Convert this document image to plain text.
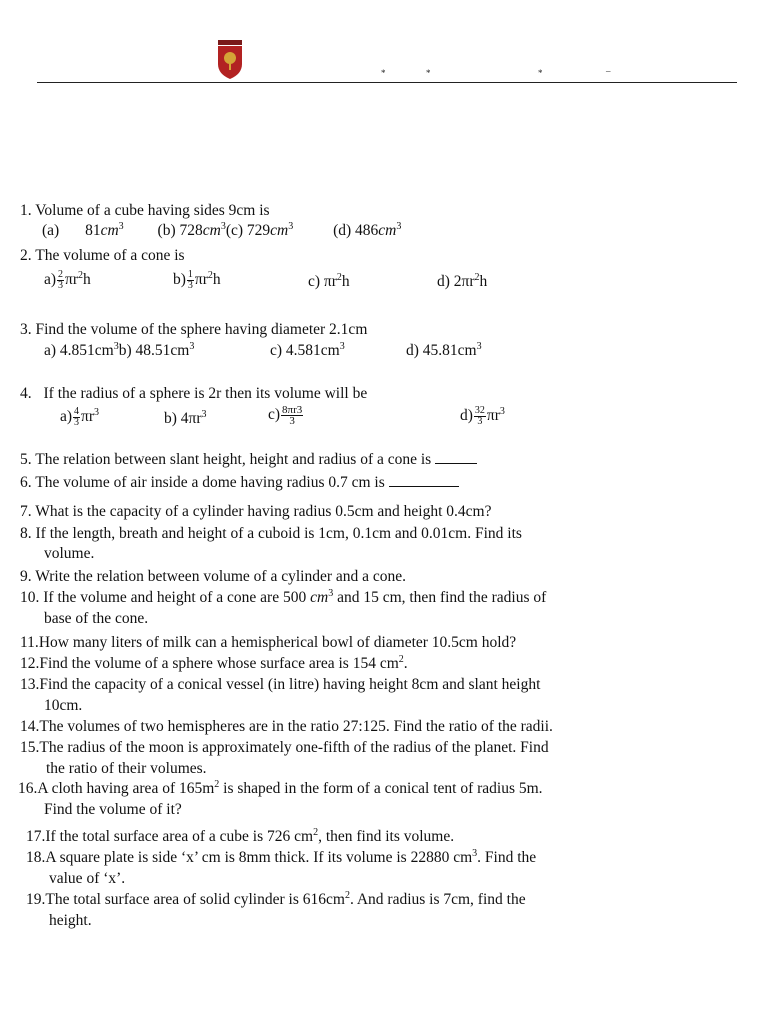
*	*	*	–
1. Volume of a cube having sides 9cm is
(a) $81cm^3$ (b) $728cm^3(c)$ $729cm^3$	(d) $486cm^3$
2. The volume of a cone is
$a) \frac{2}{3} \pi r^2h$	$b) \frac{1}{3} \pi r^2h$	c) $\pi r^2h$	d) $2\pi r^2h$
3. Find the volume of the sphere having diameter 2.1cm
a) $4.851cm^3b$) $48.51cm^3$	c) $4.581cm^3$	d) $45.81cm^3$
4. If the radius of a sphere is 2r then its volume will be
$a) \frac{4}{3} \pi r^3$	b) $4\pi r^3$	$c) \frac{8\pi r3}{3}$	$d) \frac{32}{3} \pi r^3$
5. The relation between slant height, height and radius of a cone is
6. The volume of air inside a dome having radius 0.7 cm is
7. What is the capacity of a cylinder having radius 0.5cm and height 0.4cm?
8. If the length, breath and height of a cuboid is 1cm, 0.1cm and 0.01cm. Find its
volume.
9. Write the relation between volume of a cylinder and a cone.
10. If the volume and height of a cone are 500 $cm^3$ and 15 cm, then find the radius of
base of the cone.
11.How many liters of milk can a hemispherical bowl of diameter 10.5cm hold?
12.Find the volume of a sphere whose surface area is 154 $cm^2$.
13.Find the capacity of a conical vessel (in litre) having height 8cm and slant height
10cm.
14.The volumes of two hemispheres are in the ratio 27:125. Find the ratio of the radii.
15.The radius of the moon is approximately one-fifth of the radius of the planet. Find
the ratio of their volumes.
16.A cloth having area of $165m^2$ is shaped in the form of a conical tent of radius 5m.
Find the volume of it?
17.If the total surface area of a cube is 726 $cm^2$, then find its volume.
18.A square plate is side ‘x’ cm is 8mm thick. If its volume is 22880 $cm^3$. Find the
value of ‘x’.
19.The total surface area of solid cylinder is $616cm^2$. And radius is 7cm, find the
height.
